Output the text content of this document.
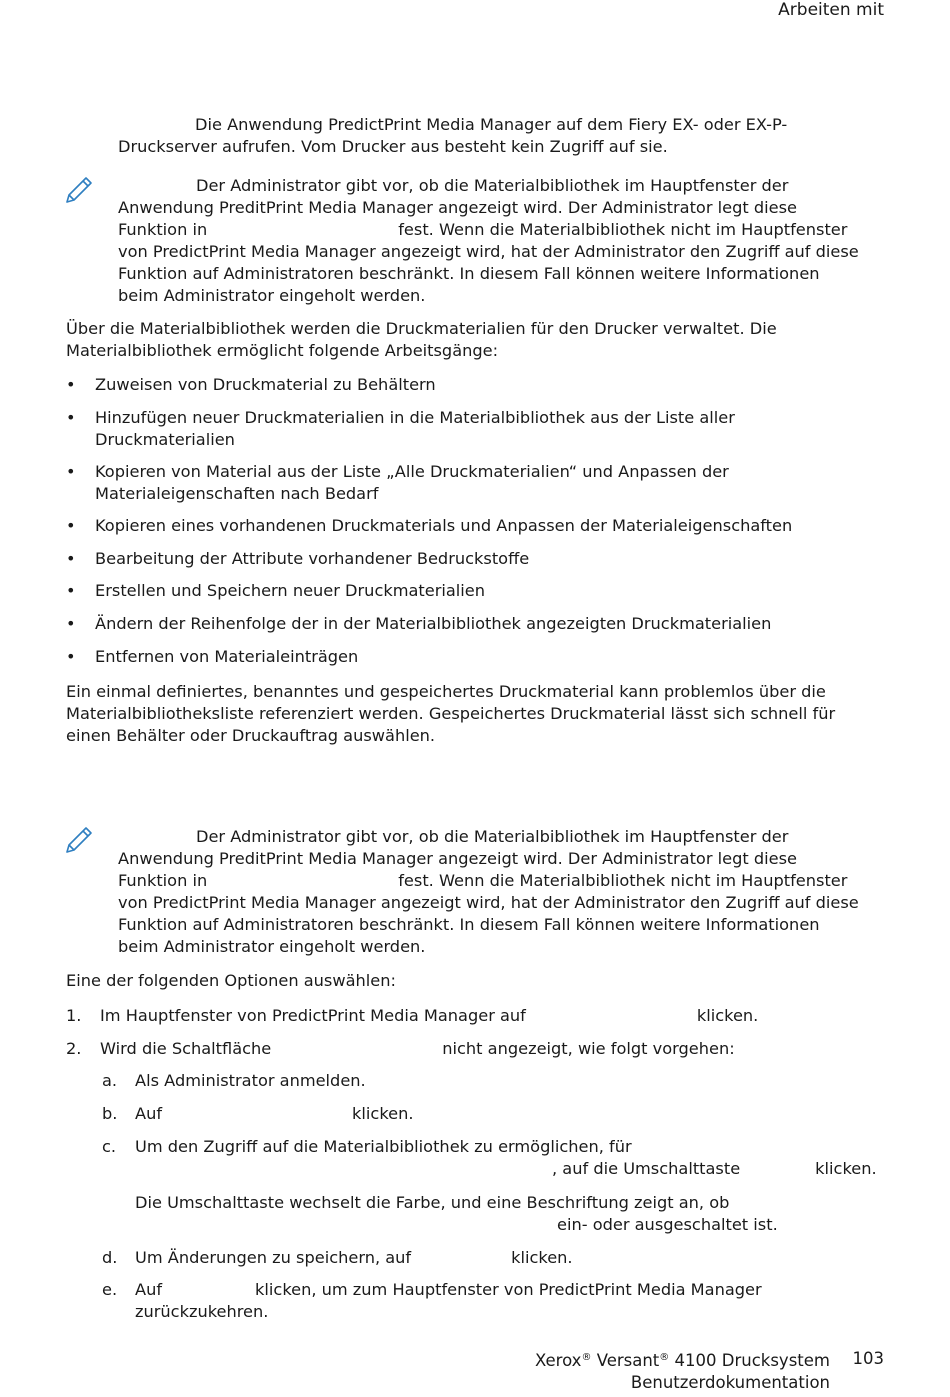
Arbeiten mit

Die Anwendung PredictPrint Media Manager auf dem Fiery EX- oder EX-P-Druckserver aufrufen. Vom Drucker aus besteht kein Zugriff auf sie.

Der Administrator gibt vor, ob die Materialbibliothek im Hauptfenster der

Anwendung PreditPrint Media Manager angezeigt wird. Der Administrator legt diese

Funktion in	fest. Wenn die Materialbibliothek nicht im Hauptfenster

von PredictPrint Media Manager angezeigt wird, hat der Administrator den Zugriff auf diese

Funktion auf Administratoren beschränkt. In diesem Fall können weitere Informationen

beim Administrator eingeholt werden.

Über die Materialbibliothek werden die Druckmaterialien für den Drucker verwaltet. Die Materialbibliothek ermöglicht folgende Arbeitsgänge:

• Zuweisen von Druckmaterial zu Behältern
• Hinzufügen neuer Druckmaterialien in die Materialbibliothek aus der Liste aller Druckmaterialien
• Kopieren von Material aus der Liste „Alle Druckmaterialien“ und Anpassen der Materialeigenschaften nach Bedarf
• Kopieren eines vorhandenen Druckmaterials und Anpassen der Materialeigenschaften
• Bearbeitung der Attribute vorhandener Bedruckstoffe
• Erstellen und Speichern neuer Druckmaterialien
• Ändern der Reihenfolge der in der Materialbibliothek angezeigten Druckmaterialien
• Entfernen von Materialeinträgen

Ein einmal definiertes, benanntes und gespeichertes Druckmaterial kann problemlos über die Materialbibliotheksliste referenziert werden. Gespeichertes Druckmaterial lässt sich schnell für einen Behälter oder Druckauftrag auswählen.

Der Administrator gibt vor, ob die Materialbibliothek im Hauptfenster der

Anwendung PreditPrint Media Manager angezeigt wird. Der Administrator legt diese

Funktion in	fest. Wenn die Materialbibliothek nicht im Hauptfenster

von PredictPrint Media Manager angezeigt wird, hat der Administrator den Zugriff auf diese

Funktion auf Administratoren beschränkt. In diesem Fall können weitere Informationen

beim Administrator eingeholt werden.

Eine der folgenden Optionen auswählen:

1. Im Hauptfenster von PredictPrint Media Manager auf	klicken.
2. Wird die Schaltfläche	nicht angezeigt, wie folgt vorgehen:
a. Als Administrator anmelden.
b. Auf	klicken.
c. Um den Zugriff auf die Materialbibliothek zu ermöglichen, für
, auf die Umschalttaste	klicken.
Die Umschalttaste wechselt die Farbe, und eine Beschriftung zeigt an, ob
ein- oder ausgeschaltet ist.
d. Um Änderungen zu speichern, auf	klicken.
e. Auf	klicken, um zum Hauptfenster von PredictPrint Media Manager
zurückzukehren.
Xerox® Versant® 4100 Drucksystem
Benutzerdokumentation
103
